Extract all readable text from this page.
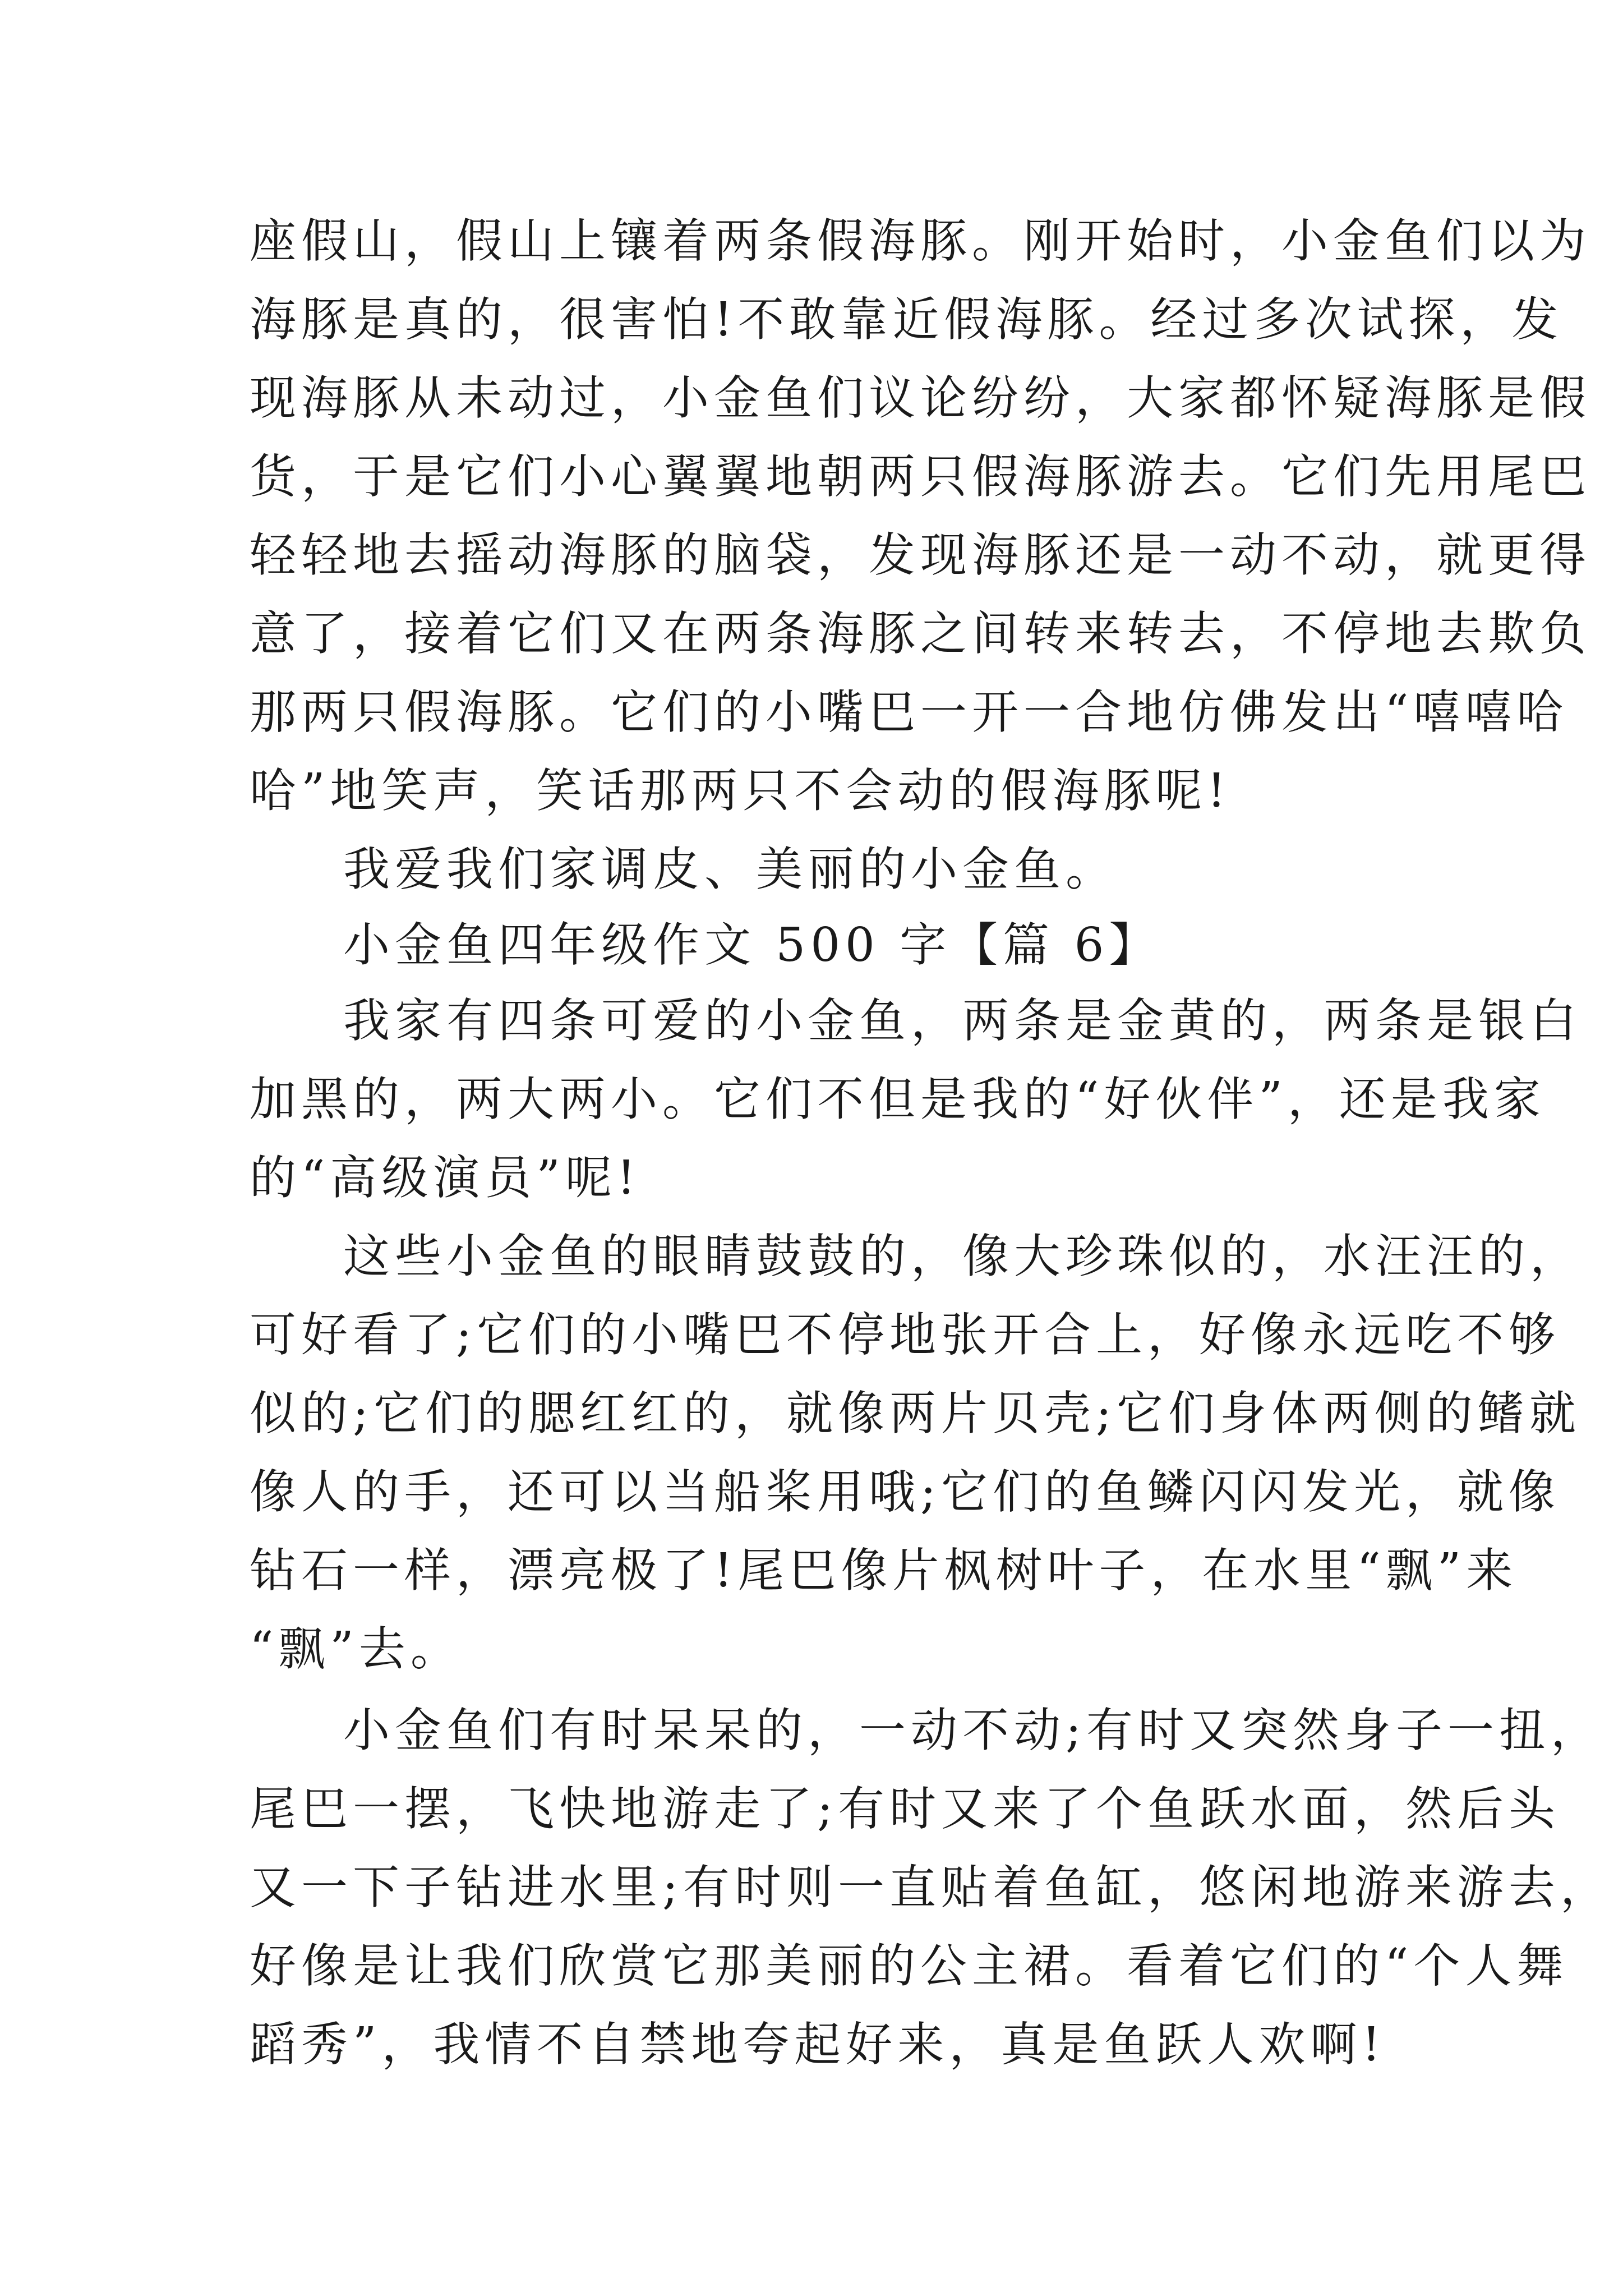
座假山，假山上镶着两条假海豚。刚开始时，小金鱼们以为
海豚是真的，很害怕!不敢靠近假海豚。经过多次试探，发
现海豚从未动过，小金鱼们议论纷纷，大家都怀疑海豚是假
货，于是它们小心翼翼地朝两只假海豚游去。它们先用尾巴
轻轻地去摇动海豚的脑袋，发现海豚还是一动不动，就更得
意了，接着它们又在两条海豚之间转来转去，不停地去欺负
那两只假海豚。它们的小嘴巴一开一合地仿佛发出“嘻嘻哈
哈”地笑声，笑话那两只不会动的假海豚呢!
我爱我们家调皮、美丽的小金鱼。
小金鱼四年级作文 500 字【篇 6】
我家有四条可爱的小金鱼，两条是金黄的，两条是银白
加黑的，两大两小。它们不但是我的“好伙伴”，还是我家
的“高级演员”呢!
这些小金鱼的眼睛鼓鼓的，像大珍珠似的，水汪汪的，
可好看了;它们的小嘴巴不停地张开合上，好像永远吃不够
似的;它们的腮红红的，就像两片贝壳;它们身体两侧的鳍就
像人的手，还可以当船桨用哦;它们的鱼鳞闪闪发光，就像
钻石一样，漂亮极了!尾巴像片枫树叶子，在水里“飘”来
“飘”去。
小金鱼们有时呆呆的，一动不动;有时又突然身子一扭，
尾巴一摆，飞快地游走了;有时又来了个鱼跃水面，然后头
又一下子钻进水里;有时则一直贴着鱼缸，悠闲地游来游去，
好像是让我们欣赏它那美丽的公主裙。看着它们的“个人舞
蹈秀”，我情不自禁地夸起好来，真是鱼跃人欢啊!
